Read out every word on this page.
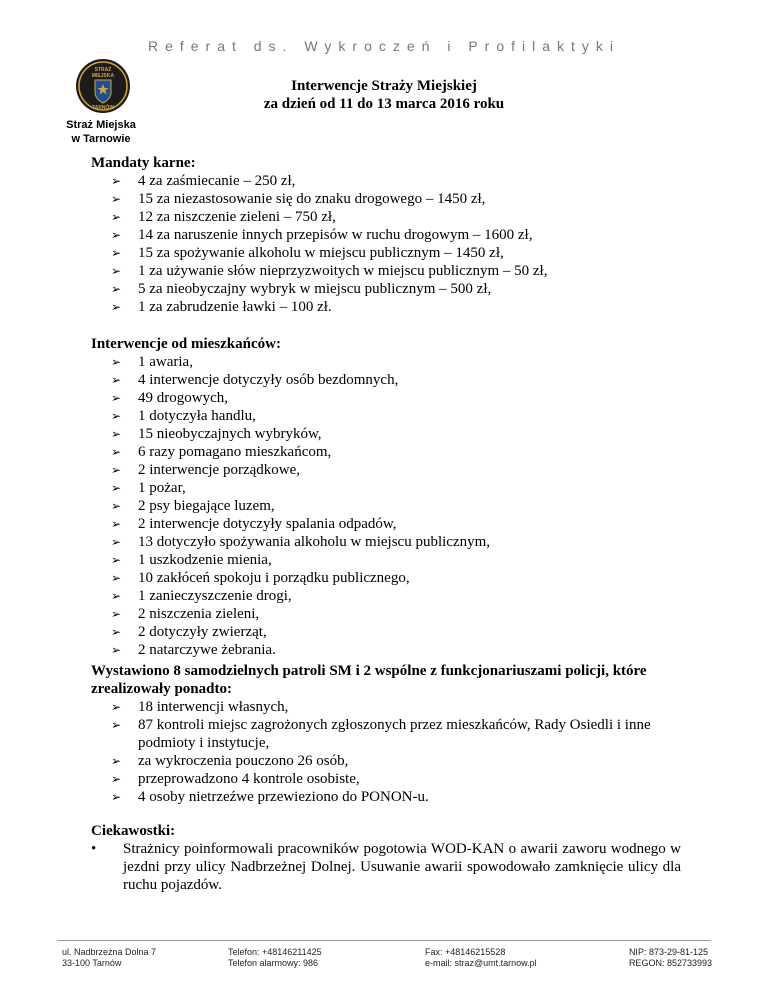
Referat ds. Wykroczeń i Profilaktyki
STRAŻ
MIEJSKA
TARNÓW
Straż Miejska
w Tarnowie
Interwencje Straży Miejskiej
za dzień od 11 do 13 marca 2016 roku
Mandaty karne:
➢ 4 za zaśmiecanie – 250 zł,
➢ 15 za niezastosowanie się do znaku drogowego – 1450 zł,
➢ 12 za niszczenie zieleni – 750 zł,
➢ 14 za naruszenie innych przepisów w ruchu drogowym – 1600 zł,
➢ 15 za spożywanie alkoholu w miejscu publicznym – 1450 zł,
➢ 1 za używanie słów nieprzyzwoitych w miejscu publicznym – 50 zł,
➢ 5 za nieobyczajny wybryk w miejscu publicznym – 500 zł,
➢ 1 za zabrudzenie ławki – 100 zł.
Interwencje od mieszkańców:
➢ 1 awaria,
➢ 4 interwencje dotyczyły osób bezdomnych,
➢ 49 drogowych,
➢ 1 dotyczyła handlu,
➢ 15 nieobyczajnych wybryków,
➢ 6 razy pomagano mieszkańcom,
➢ 2 interwencje porządkowe,
➢ 1 pożar,
➢ 2 psy biegające luzem,
➢ 2 interwencje dotyczyły spalania odpadów,
➢ 13 dotyczyło spożywania alkoholu w miejscu publicznym,
➢ 1 uszkodzenie mienia,
➢ 10 zakłóceń spokoju i porządku publicznego,
➢ 1 zanieczyszczenie drogi,
➢ 2 niszczenia zieleni,
➢ 2 dotyczyły zwierząt,
➢ 2 natarczywe żebrania.
Wystawiono 8 samodzielnych patroli SM i 2 wspólne z funkcjonariuszami policji, które zrealizowały ponadto:
➢ 18 interwencji własnych,
➢ 87 kontroli miejsc zagrożonych zgłoszonych przez mieszkańców, Rady Osiedli i inne podmioty i instytucje,
➢ za wykroczenia pouczono 26 osób,
➢ przeprowadzono 4 kontrole osobiste,
➢ 4 osoby nietrzeźwe przewieziono do PONON-u.
Ciekawostki:
• Strażnicy poinformowali pracowników pogotowia WOD-KAN o awarii zaworu wodnego w jezdni przy ulicy Nadbrzeżnej Dolnej. Usuwanie awarii spowodowało zamknięcie ulicy dla ruchu pojazdów.
ul. Nadbrzeżna Dolna 7
33-100 Tarnów
Telefon: +48146211425
Telefon alarmowy: 986
Fax: +48146215528
e-mail: straz@umt.tarnow.pl
NIP: 873-29-81-125
REGON: 852733993
